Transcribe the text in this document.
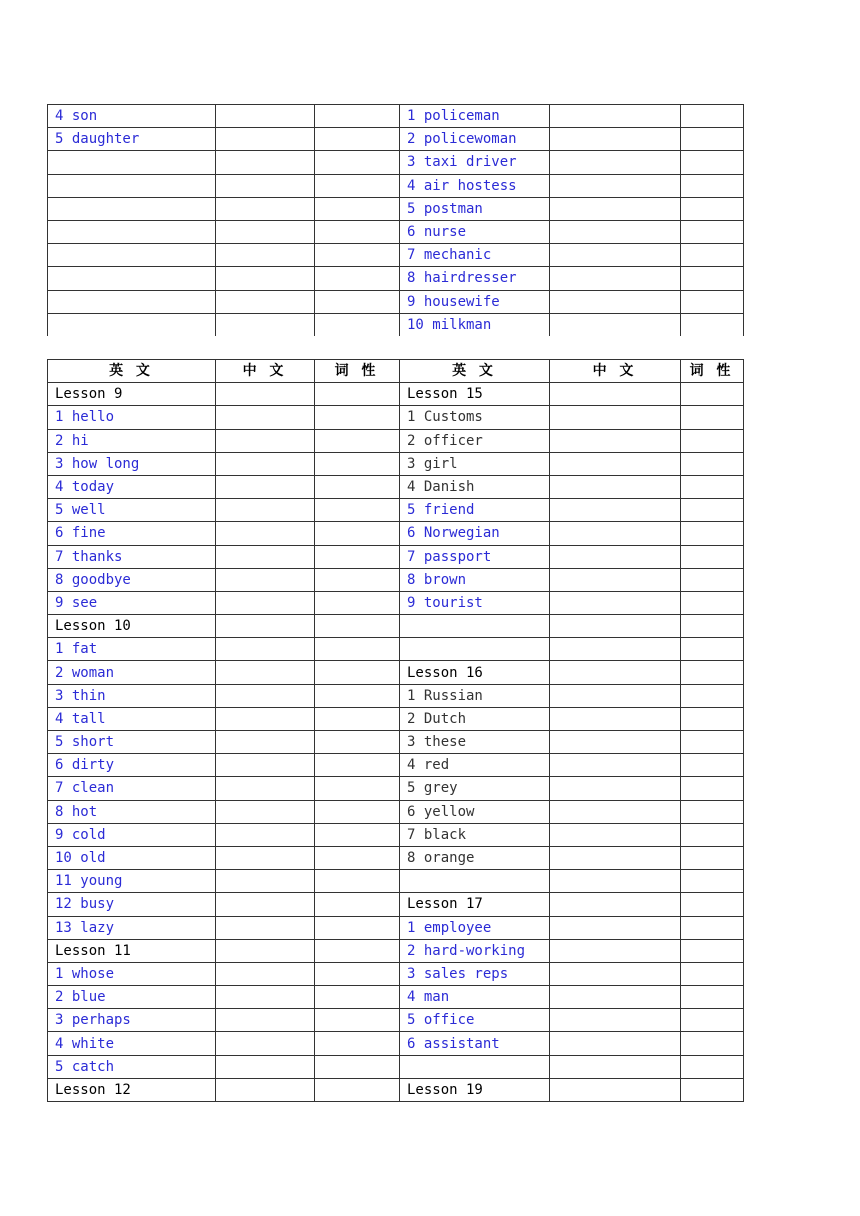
4 son			1 policeman		
5 daughter			2 policewoman		
			3 taxi driver		
			4 air hostess		
			5 postman		
			6 nurse		
			7 mechanic		
			8 hairdresser		
			9 housewife		
			10 milkman		
英 文	中 文	词 性	英 文	中 文	词 性
Lesson 9			Lesson 15		
1 hello			1 Customs		
2 hi			2 officer		
3 how long			3 girl		
4 today			4 Danish		
5 well			5 friend		
6 fine			6 Norwegian		
7 thanks			7 passport		
8 goodbye			8 brown		
9 see			9 tourist		
Lesson 10					
1 fat					
2 woman			Lesson 16		
3 thin			1 Russian		
4 tall			2 Dutch		
5 short			3 these		
6 dirty			4 red		
7 clean			5 grey		
8 hot			6 yellow		
9 cold			7 black		
10 old			8 orange		
11 young					
12 busy			Lesson 17		
13 lazy			1 employee		
Lesson 11			2 hard-working		
1 whose			3 sales reps		
2 blue			4 man		
3 perhaps			5 office		
4 white			6 assistant		
5 catch					
Lesson 12			Lesson 19		
